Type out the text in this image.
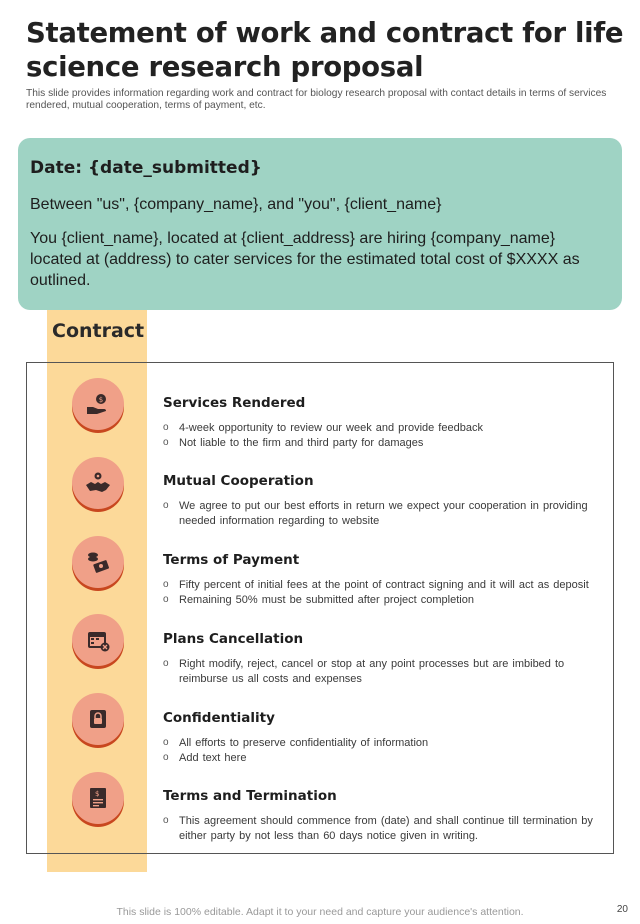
Statement of work and contract for life science research proposal
This slide provides information regarding work and contract for biology research proposal with contact details in terms of services rendered, mutual cooperation, terms of payment, etc.
Date: {date_submitted}
Between "us", {company_name}, and "you", {client_name}
You {client_name}, located at {client_address} are hiring {company_name} located at (address) to cater services for the estimated total cost of $XXXX as outlined.
Contract
$	Services Rendered
o 4-week opportunity to review our week and provide feedback
o Not liable to the firm and third party for damages
Mutual Cooperation
o We agree to put our best efforts in return we expect your cooperation in providing needed information regarding to website
Terms of Payment
o Fifty percent of initial fees at the point of contract signing and it will act as deposit
o Remaining 50% must be submitted after project completion
Plans Cancellation
o Right modify, reject, cancel or stop at any point processes but are imbibed to reimburse us all costs and expenses
Confidentiality
o All efforts to preserve confidentiality of information
o Add text here
$	Terms and Termination
o This agreement should commence from (date) and shall continue till termination by either party by not less than 60 days notice given in writing.
This slide is 100% editable. Adapt it to your need and capture your audience's attention.	20
